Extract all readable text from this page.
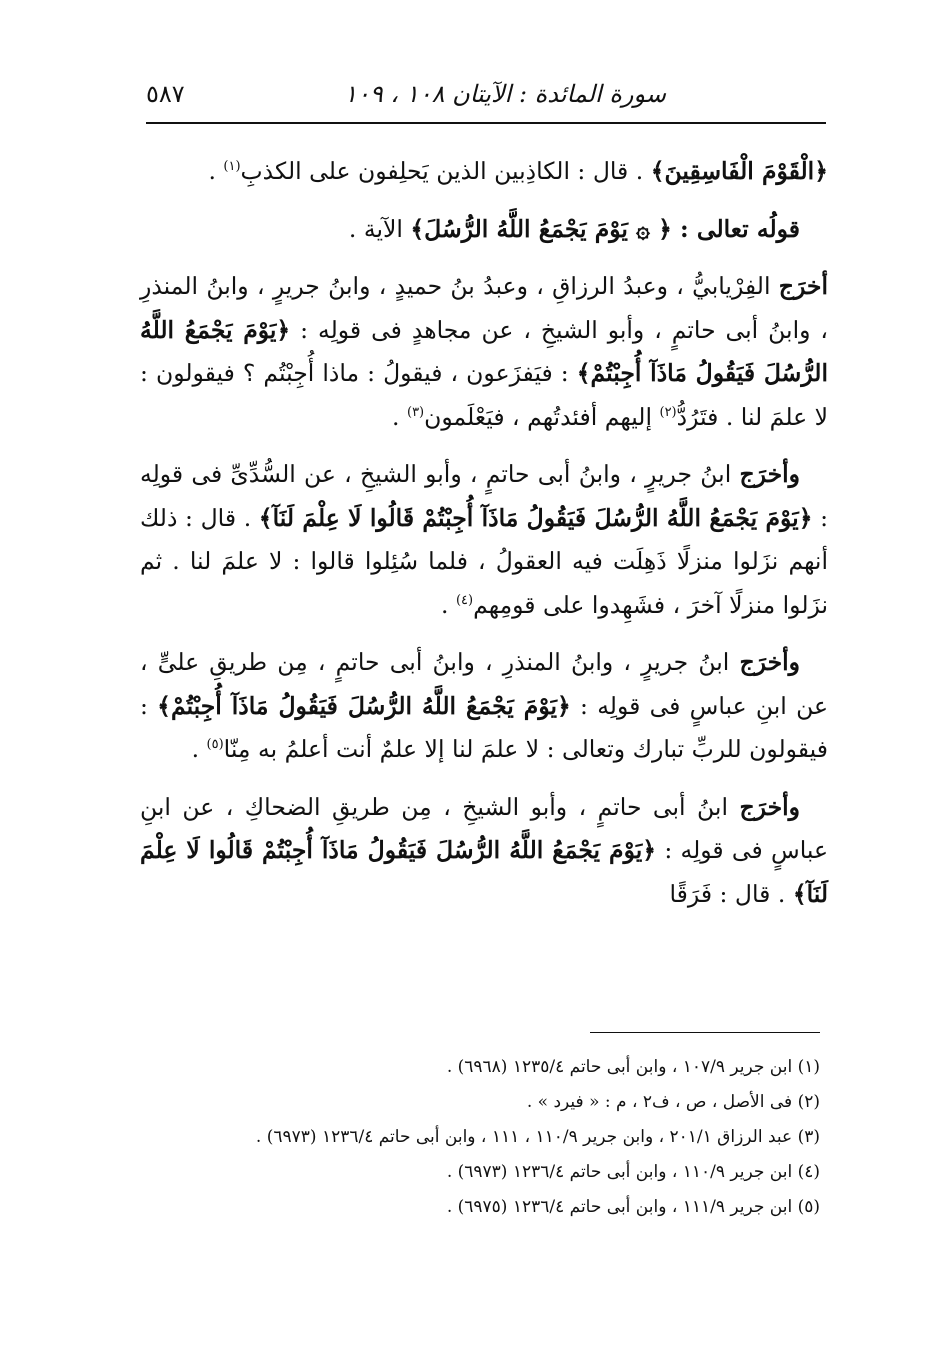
سورة المائدة : الآيتان ١٠٨ ، ١٠٩
٥٨٧

﴿الْقَوْمَ الْفَاسِقِينَ﴾ . قال : الكاذِبين الذين يَحلِفون على الكذبِ$^{(١)}$ .

قولُه تعالى : ﴿ ۞ يَوْمَ يَجْمَعُ اللَّهُ الرُّسُلَ﴾ الآية .

أخرَج الفِرْيابيُّ ، وعبدُ الرزاقِ ، وعبدُ بنُ حميدٍ ، وابنُ جريرٍ ، وابنُ المنذرِ ، وابنُ أبى حاتمٍ ، وأبو الشيخِ ، عن مجاهدٍ فى قولِه : ﴿يَوْمَ يَجْمَعُ اللَّهُ الرُّسُلَ فَيَقُولُ مَاذَآ أُجِبْتُمْ﴾ : فيَفزَعون ، فيقولُ : ماذا أُجِبْتُم ؟ فيقولون : لا علمَ لنا . فتَرُدُّ$^{(٢)}$ إليهم أفئدتُهم ، فيَعْلَمون$^{(٣)}$ .

وأخرَج ابنُ جريرٍ ، وابنُ أبى حاتمٍ ، وأبو الشيخِ ، عن السُّدِّىِّ فى قولِه : ﴿يَوْمَ يَجْمَعُ اللَّهُ الرُّسُلَ فَيَقُولُ مَاذَآ أُجِبْتُمْ قَالُوا لَا عِلْمَ لَنَآ﴾ . قال : ذلك أنهم نزَلوا منزلًا ذَهِلَت فيه العقولُ ، فلما سُئِلوا قالوا : لا علمَ لنا . ثم نزَلوا منزلًا آخرَ ، فشَهِدوا على قومِهم$^{(٤)}$ .

وأخرَج ابنُ جريرٍ ، وابنُ المنذرِ ، وابنُ أبى حاتمٍ ، مِن طريقِ علىٍّ ، عن ابنِ عباسٍ فى قولِه : ﴿يَوْمَ يَجْمَعُ اللَّهُ الرُّسُلَ فَيَقُولُ مَاذَآ أُجِبْتُمْ﴾ : فيقولون للربِّ تبارك وتعالى : لا علمَ لنا إلا علمٌ أنت أعلمُ به مِنّا$^{(٥)}$ .

وأخرَج ابنُ أبى حاتمٍ ، وأبو الشيخِ ، مِن طريقِ الضحاكِ ، عن ابنِ عباسٍ فى قولِه : ﴿يَوْمَ يَجْمَعُ اللَّهُ الرُّسُلَ فَيَقُولُ مَاذَآ أُجِبْتُمْ قَالُوا لَا عِلْمَ لَنَآ﴾ . قال : فَرَقًا

(١) ابن جرير ١٠٧/٩ ، وابن أبى حاتم ١٢٣٥/٤ (٦٩٦٨) .
(٢) فى الأصل ، ص ، ف٢ ، م : « فيرد » .
(٣) عبد الرزاق ٢٠١/١ ، وابن جرير ١١٠/٩ ، ١١١ ، وابن أبى حاتم ١٢٣٦/٤ (٦٩٧٣) .
(٤) ابن جرير ١١٠/٩ ، وابن أبى حاتم ١٢٣٦/٤ (٦٩٧٣) .
(٥) ابن جرير ١١١/٩ ، وابن أبى حاتم ١٢٣٦/٤ (٦٩٧٥) .
